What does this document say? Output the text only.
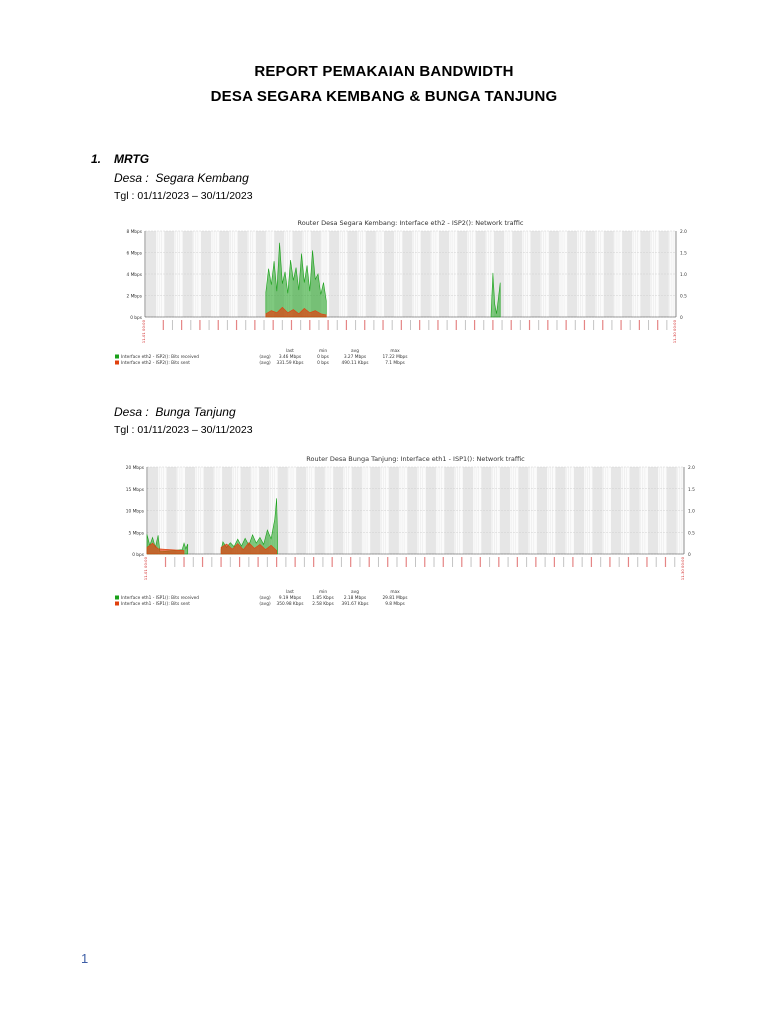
REPORT PEMAKAIAN BANDWIDTH
DESA SEGARA KEMBANG & BUNGA TANJUNG
1. MRTG
Desa :  Segara Kembang
Tgl : 01/11/2023 – 30/11/2023
Router Desa Segara Kembang: Interface eth2 - ISP2(): Network traffic
8 Mbps
6 Mbps
4 Mbps
2 Mbps
0 bps
2.0
1.5
1.0
0.5
0
11-01 00:00	11-30 00:00
last	min	avg	max
Interface eth2 - ISP2(): Bits received	(avg) 3.46 Mbps	0 bps	3.27 Mbps	17.22 Mbps
Interface eth2 - ISP2(): Bits sent	(avg) 331.59 Kbps	0 bps	490.11 Kbps	7.1 Mbps
Desa :  Bunga Tanjung
Tgl : 01/11/2023 – 30/11/2023
Router Desa Bunga Tanjung: Interface eth1 - ISP1(): Network traffic
20 Mbps
15 Mbps
10 Mbps
5 Mbps
0 bps
2.0
1.5
1.0
0.5
0
11-01 00:00	11-30 00:00
last	min	avg	max
Interface eth1 - ISP1(): Bits received	(avg) 9.19 Mbps	1.85 Kbps 2.18 Mbps	29.81 Mbps
Interface eth1 - ISP1(): Bits sent	(avg) 350.98 Kbps 2.58 Kbps 391.67 Kbps	9.8 Mbps
1
